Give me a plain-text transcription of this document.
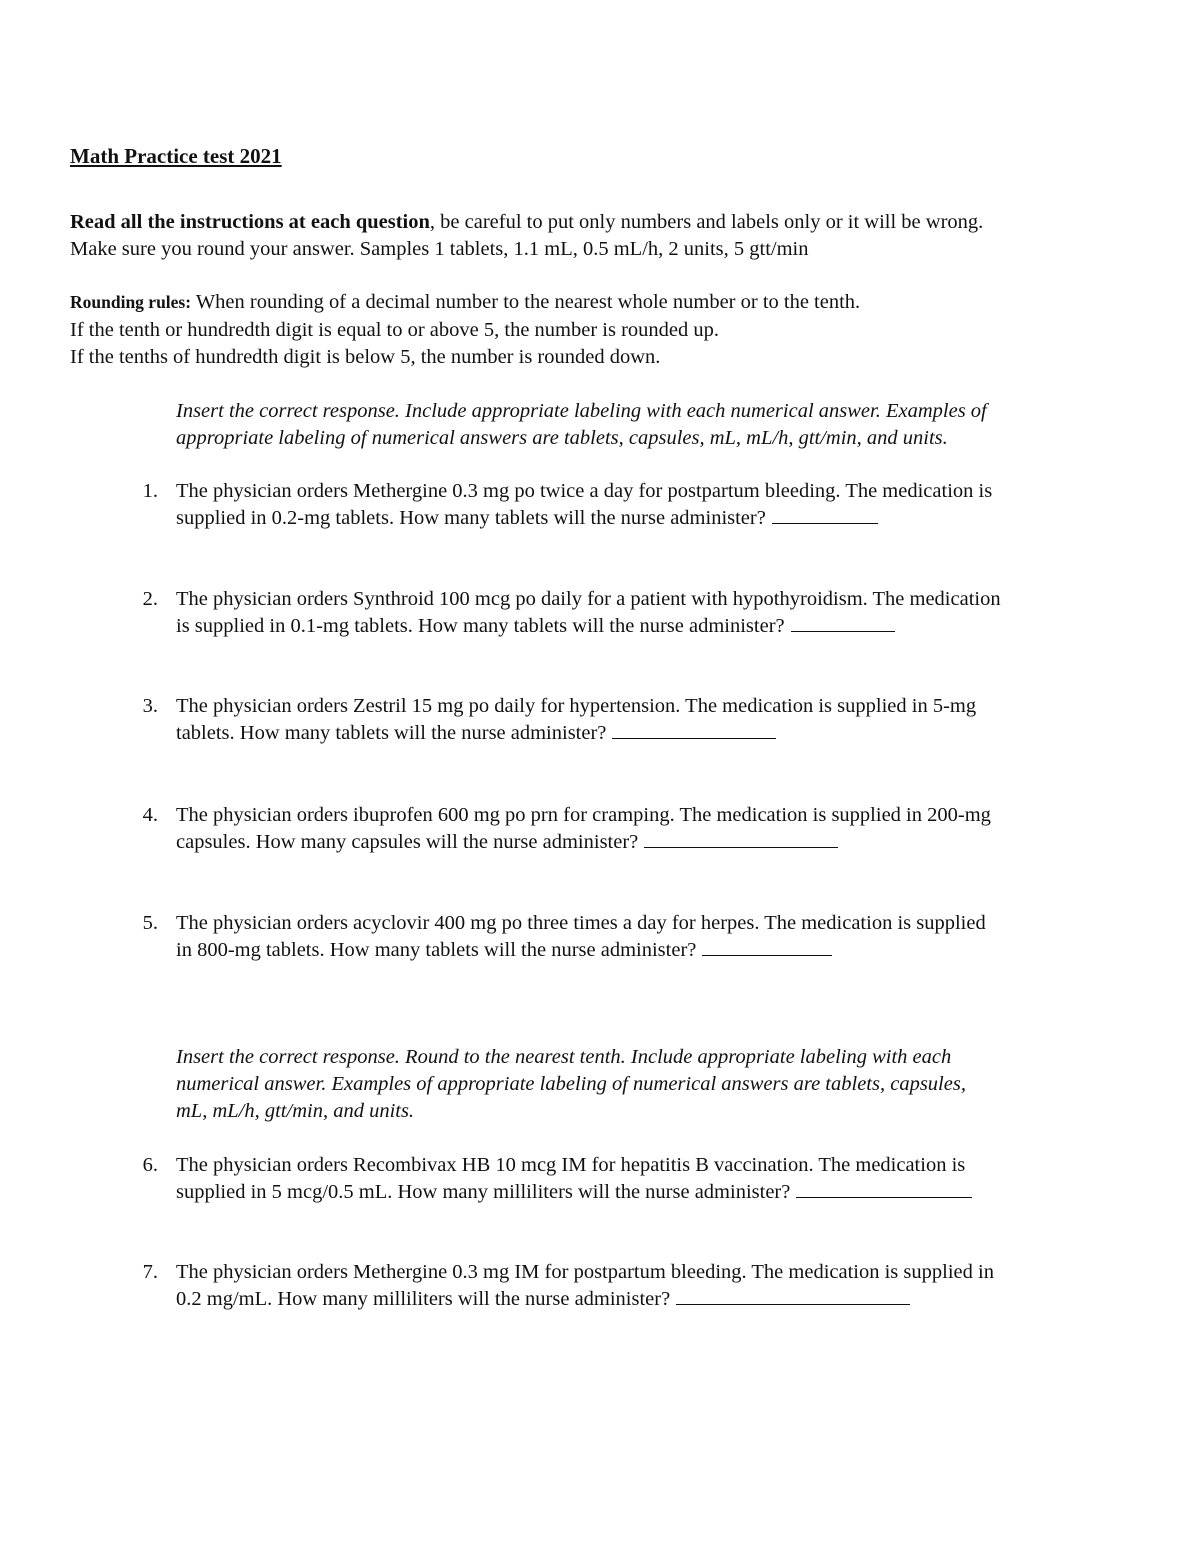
Math Practice test 2021
Read all the instructions at each question, be careful to put only numbers and labels only or it will be wrong.
Make sure you round your answer. Samples 1 tablets, 1.1 mL, 0.5 mL/h, 2 units, 5 gtt/min
Rounding rules: When rounding of a decimal number to the nearest whole number or to the tenth.
If the tenth or hundredth digit is equal to or above 5, the number is rounded up.
If the tenths of hundredth digit is below 5, the number is rounded down.
Insert the correct response. Include appropriate labeling with each numerical answer. Examples of
appropriate labeling of numerical answers are tablets, capsules, mL, mL/h, gtt/min, and units.
1. The physician orders Methergine 0.3 mg po twice a day for postpartum bleeding. The medication is
supplied in 0.2-mg tablets. How many tablets will the nurse administer?
2. The physician orders Synthroid 100 mcg po daily for a patient with hypothyroidism. The medication
is supplied in 0.1-mg tablets. How many tablets will the nurse administer?
3. The physician orders Zestril 15 mg po daily for hypertension. The medication is supplied in 5-mg
tablets. How many tablets will the nurse administer?
4. The physician orders ibuprofen 600 mg po prn for cramping. The medication is supplied in 200-mg
capsules. How many capsules will the nurse administer?
5. The physician orders acyclovir 400 mg po three times a day for herpes. The medication is supplied
in 800-mg tablets. How many tablets will the nurse administer?
Insert the correct response. Round to the nearest tenth. Include appropriate labeling with each
numerical answer. Examples of appropriate labeling of numerical answers are tablets, capsules,
mL, mL/h, gtt/min, and units.
6. The physician orders Recombivax HB 10 mcg IM for hepatitis B vaccination. The medication is
supplied in 5 mcg/0.5 mL. How many milliliters will the nurse administer?
7. The physician orders Methergine 0.3 mg IM for postpartum bleeding. The medication is supplied in
0.2 mg/mL. How many milliliters will the nurse administer?
